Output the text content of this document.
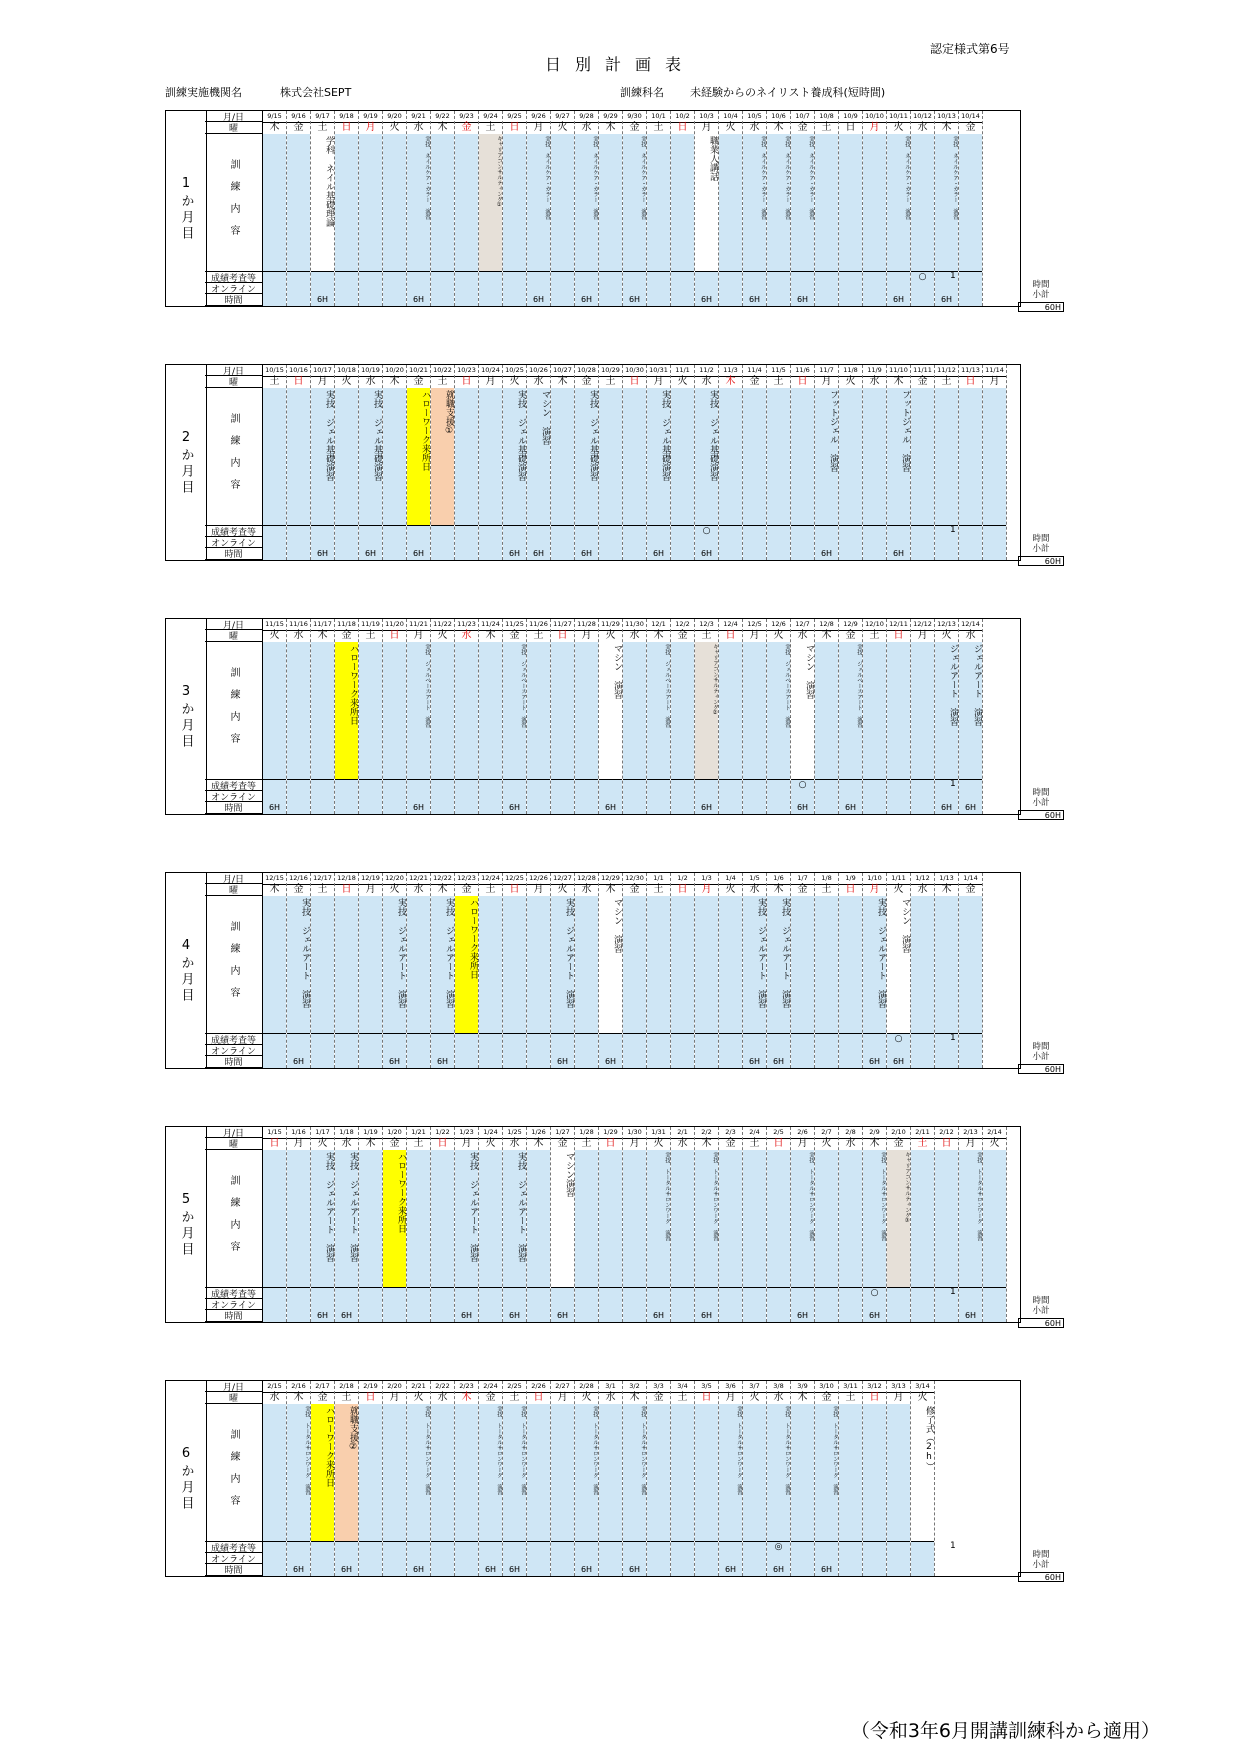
認定様式第6号
日別計画表
訓練実施機関名	株式会社SEPT	訓練科名 未経験からのネイリスト養成科(短時間)
1か月目
月/日
曜
訓練内容
成績考査等
オンライン
時間
9/15
木
9/16
金
9/17
土
学科 ネイル基礎理論
6H
9/18
日
9/19
月
9/20
火
9/21
水
実技 ネイルケア・カラー 演習
6H
9/22
木
9/23
金
9/24
土
キャリアコンサルティング①
9/25
日
9/26
月
実技 ネイルケア・カラー 演習
6H
9/27
火
9/28
水
実技 ネイルケア・カラー 演習
6H
9/29
木
9/30
金
実技 ネイルケア・カラー 演習
6H
10/1
土
10/2
日
10/3
月
職業人講話
6H
10/4
火
10/5
水
実技 ネイルケア・カラー 演習
6H
10/6
木
実技 ネイルケア・カラー 演習
10/7
金
実技 ネイルケア・カラー 演習
6H
10/8
土
10/9
日
10/10
月
10/11
火
実技 ネイルケア・カラー 演習
6H
10/12
水
○
10/13
木
実技 ネイルケア・カラー 演習
6H
10/14
金
1
時間
小計
60H
2か月目
月/日
曜
訓練内容
成績考査等
オンライン
時間
10/15
土
10/16
日
10/17
月
実技 ジェル基礎演習
6H
10/18
火
10/19
水
実技 ジェル基礎演習
6H
10/20
木
10/21
金
ハローワーク来所日
6H
10/22
土
就職支援①
10/23
日
10/24
月
10/25
火
実技 ジェル基礎演習
6H
10/26
水
マシン 演習
6H
10/27
木
10/28
金
実技 ジェル基礎演習
6H
10/29
土
10/30
日
10/31
月
実技 ジェル基礎演習
6H
11/1
火
11/2
水
実技 ジェル基礎演習
○
6H
11/3
木
11/4
金
11/5
土
11/6
日
11/7
月
フットジェル 演習
6H
11/8
火
11/9
水
11/10
木
フットジェル 演習
6H
11/11
金
11/12
土
11/13
日
11/14
月
1
時間
小計
60H
3か月目
月/日
曜
訓練内容
成績考査等
オンライン
時間
11/15
火
6H
11/16
水
11/17
木
11/18
金
ハローワーク来所日
11/19
土
11/20
日
11/21
月
実技 ジェルベースアート 演習
6H
11/22
火
11/23
水
11/24
木
11/25
金
実技 ジェルベースアート 演習
6H
11/26
土
11/27
日
11/28
月
11/29
火
マシン 演習
6H
11/30
水
12/1
木
実技 ジェルベースアート 演習
12/2
金
12/3
土
キャリアコンサルティング②
6H
12/4
日
12/5
月
12/6
火
実技 ジェルベースアート 演習
12/7
水
マシン 演習
○
6H
12/8
木
12/9
金
実技 ジェルベースアート 演習
6H
12/10
土
12/11
日
12/12
月
12/13
火
ジェルアート 演習
6H
12/14
水
ジェルアート 演習
6H
1
時間
小計
60H
4か月目
月/日
曜
訓練内容
成績考査等
オンライン
時間
12/15
木
12/16
金
実技 ジェルアート 演習
6H
12/17
土
12/18
日
12/19
月
12/20
火
実技 ジェルアート 演習
6H
12/21
水
12/22
木
実技 ジェルアート 演習
6H
12/23
金
ハローワーク来所日
12/24
土
12/25
日
12/26
月
12/27
火
実技 ジェルアート 演習
6H
12/28
水
12/29
木
マシン 演習
6H
12/30
金
1/1
土
1/2
日
1/3
月
1/4
火
1/5
水
実技 ジェルアート 演習
6H
1/6
木
実技 ジェルアート 演習
6H
1/7
金
1/8
土
1/9
日
1/10
月
実技 ジェルアート 演習
6H
1/11
火
マシン 演習
○
6H
1/12
水
1/13
木
1/14
金
1
時間
小計
60H
5か月目
月/日
曜
訓練内容
成績考査等
オンライン
時間
1/15
日
1/16
月
1/17
火
実技 ジェルアート 演習
6H
1/18
水
実技 ジェルアート 演習
6H
1/19
木
1/20
金
ハローワーク来所日
1/21
土
1/22
日
1/23
月
実技 ジェルアート 演習
6H
1/24
火
1/25
水
実技 ジェルアート 演習
6H
1/26
木
1/27
金
マシン演習
6H
1/28
土
1/29
日
1/30
月
1/31
火
実技 トータルサロンワーク 演習
6H
2/1
水
2/2
木
実技 トータルサロンワーク 演習
6H
2/3
金
2/4
土
2/5
日
2/6
月
実技 トータルサロンワーク 演習
6H
2/7
火
2/8
水
2/9
木
実技 トータルサロンワーク 演習
○
6H
2/10
金
キャリアコンサルティング③
2/11
土
2/12
日
2/13
月
実技 トータルサロンワーク 演習
6H
2/14
火
1
時間
小計
60H
6か月目
月/日
曜
訓練内容
成績考査等
オンライン
時間
2/15
水
2/16
木
実技 トータルサロンワーク 演習
6H
2/17
金
ハローワーク来所日
2/18
土
就職支援②
6H
2/19
日
2/20
月
2/21
火
実技 トータルサロンワーク 演習
6H
2/22
水
2/23
木
2/24
金
実技 トータルサロンワーク 演習
6H
2/25
土
実技 トータルサロンワーク 演習
6H
2/26
日
2/27
月
2/28
火
実技 トータルサロンワーク 演習
6H
3/1
水
3/2
木
実技 トータルサロンワーク 演習
6H
3/3
金
3/4
土
3/5
日
3/6
月
実技 トータルサロンワーク 演習
6H
3/7
火
3/8
水
実技 トータルサロンワーク 演習
◎
6H
3/9
木
3/10
金
実技 トータルサロンワーク 演習
6H
3/11
土
3/12
日
3/13
月
3/14
火
修了式（2h）
1
時間
小計
60H
（令和3年6月開講訓練科から適用）
